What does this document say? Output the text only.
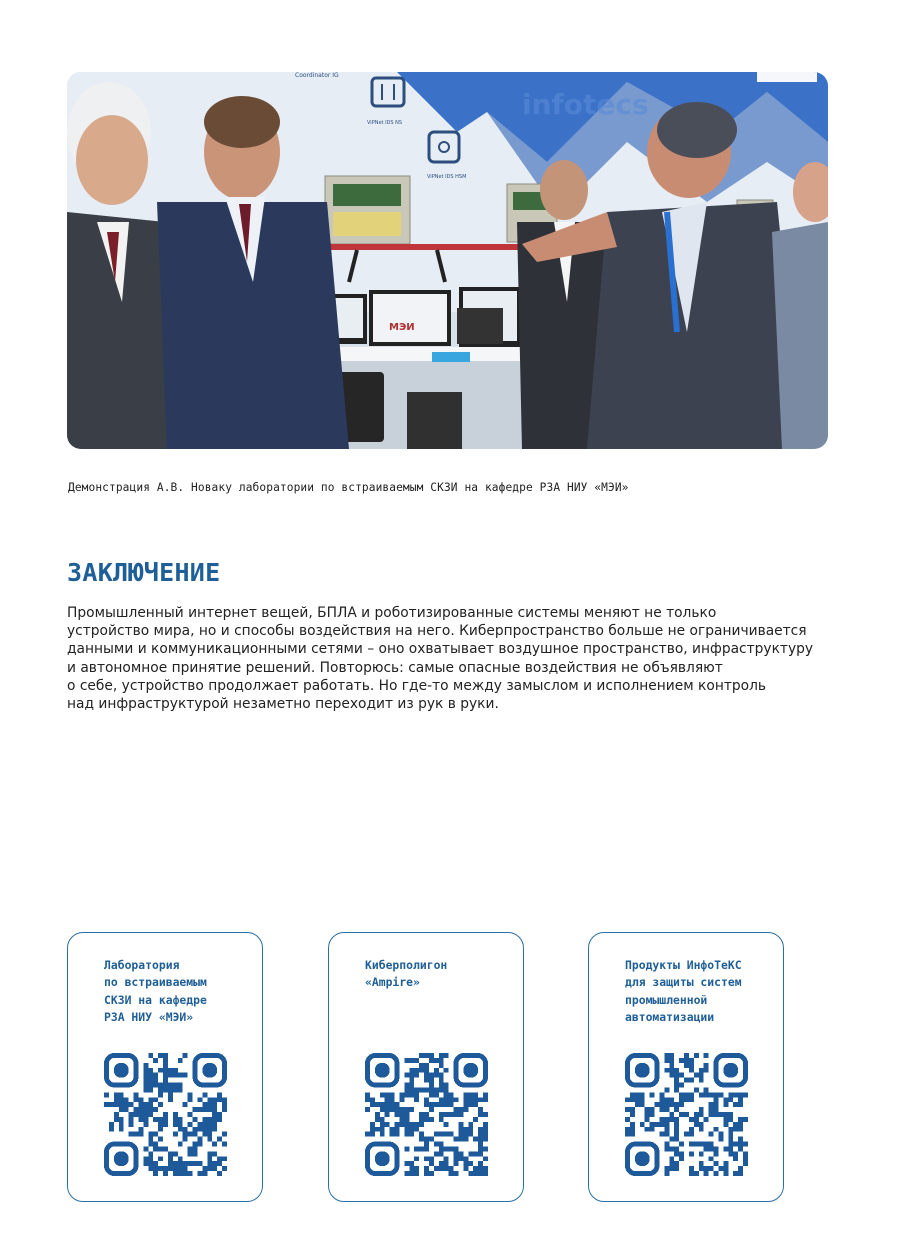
infotecs
ViPNet IDS NS
Coordinator IG
ViPNet IDS HSM
МЭИ
Демонстрация А.В. Новаку лаборатории по встраиваемым СКЗИ на кафедре РЗА НИУ «МЭИ»
ЗАКЛЮЧЕНИЕ
Промышленный интернет вещей, БПЛА и роботизированные системы меняют не только
устройство мира, но и способы воздействия на него. Киберпространство больше не ограничивается
данными и коммуникационными сетями – оно охватывает воздушное пространство, инфраструктуру
и автономное принятие решений. Повторюсь: самые опасные воздействия не объявляют
о себе, устройство продолжает работать. Но где-то между замыслом и исполнением контроль
над инфраструктурой незаметно переходит из рук в руки.
Лаборатория
по встраиваемым
СКЗИ на кафедре
РЗА НИУ «МЭИ»
Киберполигон
«Ampire»
Продукты ИнфоТеКС
для защиты систем
промышленной
автоматизации
